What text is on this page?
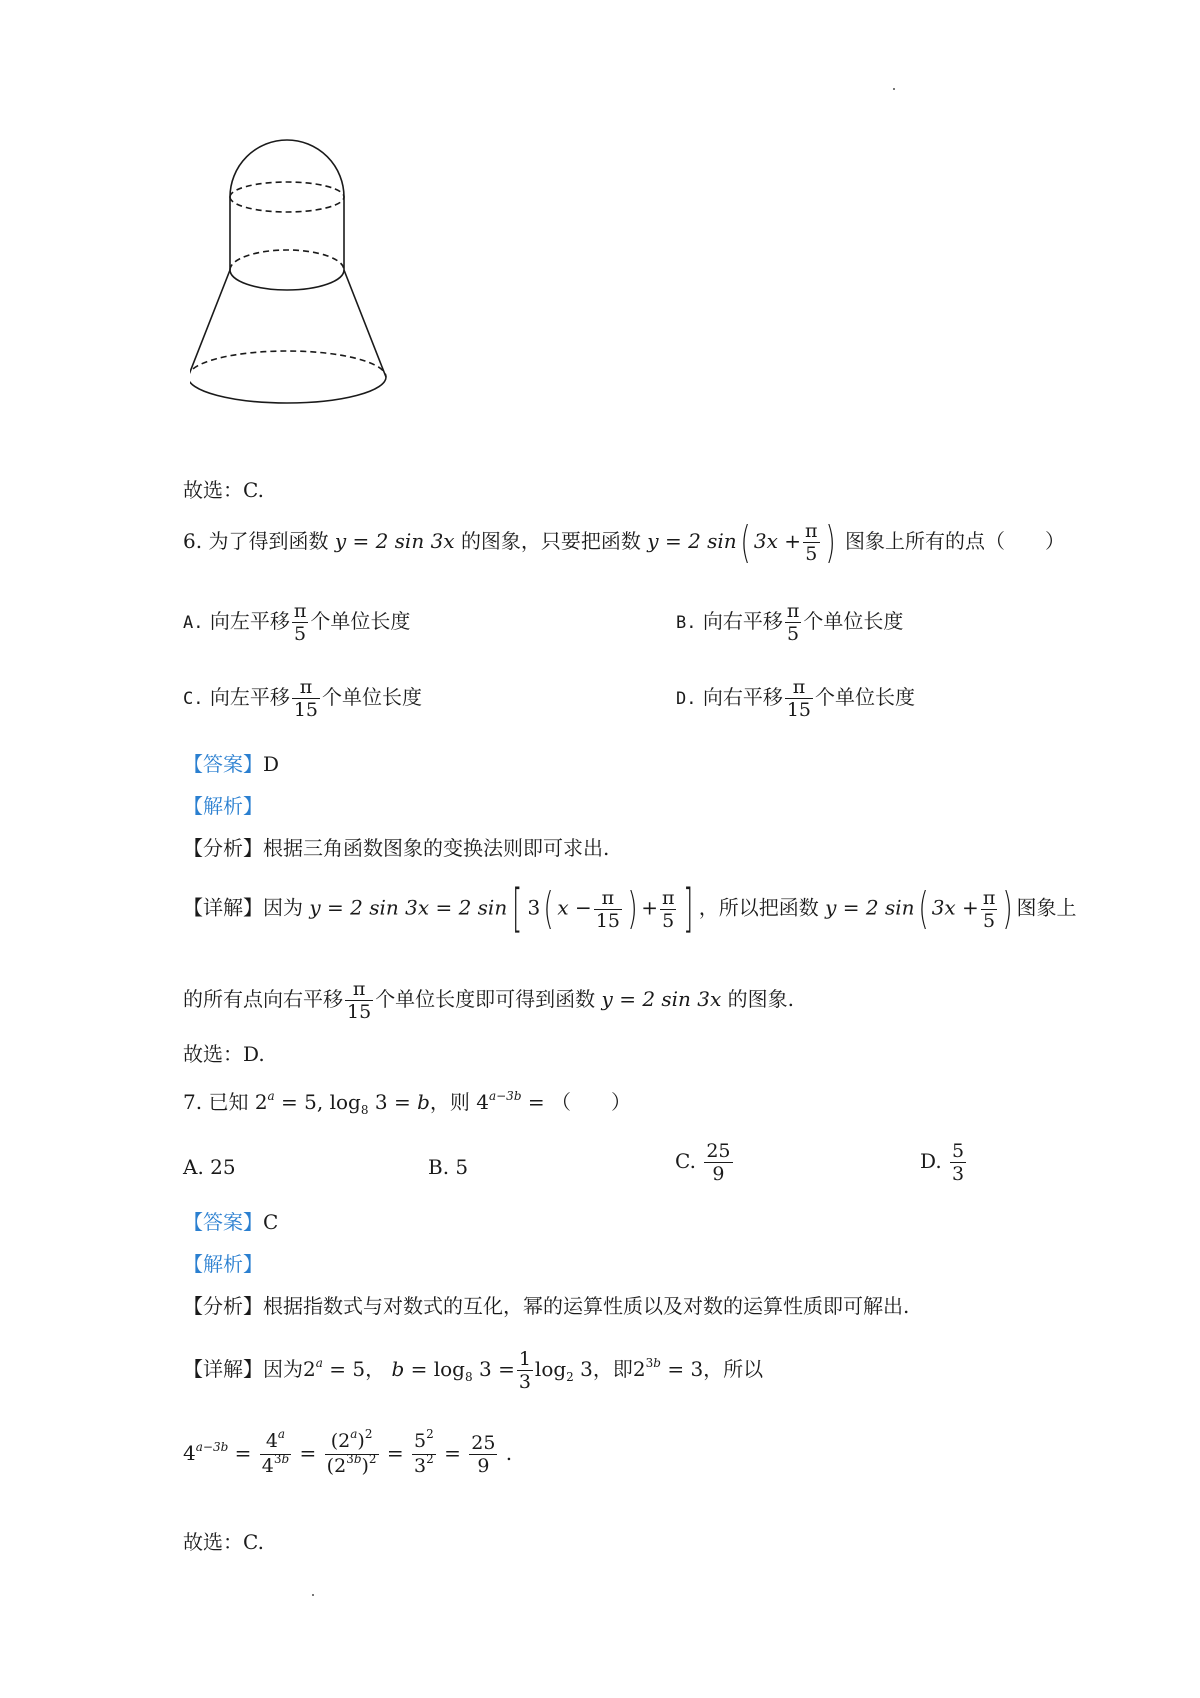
故选：C.
6. 为了得到函数 y = 2 sin 3x 的图象，只要把函数 y = 2 sin( $3x + \frac{\pi}{5}$ ) 图象上所有的点（　　）
A. 向左平移 $\frac{\pi}{5}$ 个单位长度	B. 向右平移 $\frac{\pi}{5}$ 个单位长度
C. 向左平移 $\frac{\pi}{15}$ 个单位长度	D. 向右平移 $\frac{\pi}{15}$ 个单位长度
【答案】D
【解析】
【分析】根据三角函数图象的变换法则即可求出.
【详解】因为 y = 2 sin 3x = 2 sin[ 3( $x - \frac{\pi}{15}$ ) + $\frac{\pi}{5}$ ] ，所以把函数 y = 2 sin( $3x + \frac{\pi}{5}$ ) 图象上
的所有点向右平移 $\frac{\pi}{15}$ 个单位长度即可得到函数 y = 2 sin 3x 的图象.
故选：D.
7. 已知 $2^a = 5$, $\log_8 3 = b$，则 $4^{a-3b}$ = （　　）
A. 25	B. 5	C. $\frac{25}{9}$	D. $\frac{5}{3}$
【答案】C
【解析】
【分析】根据指数式与对数式的互化，幂的运算性质以及对数的运算性质即可解出.
【详解】因为$2^a = 5$， $b = \log_8 3 = \frac{1}{3} \log_2 3$，即$2^{3b} = 3$，所以
$4^{a-3b} = \frac{4^a}{4^{3b}} = \frac{(2^a)^2}{(2^{3b})^2} = \frac{5^2}{3^2} = \frac{25}{9}$ .
故选：C.
